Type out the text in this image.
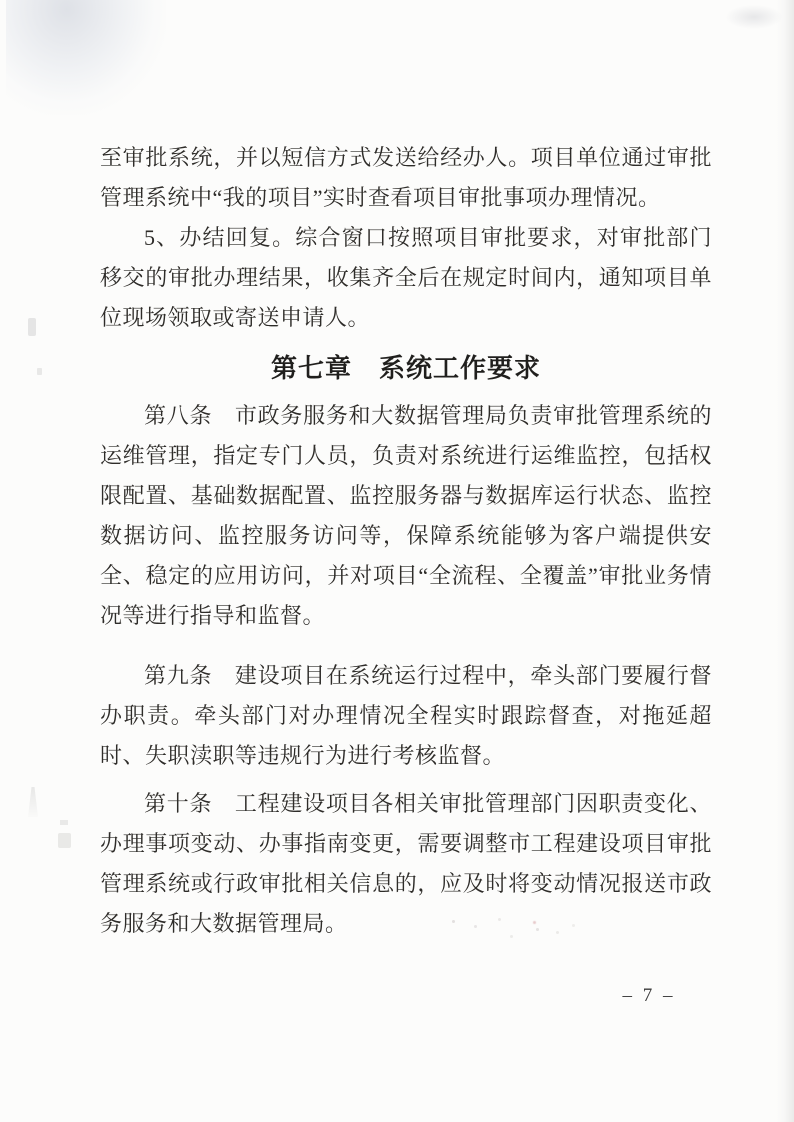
至审批系统，并以短信方式发送给经办人。项目单位通过审批管理系统中“我的项目”实时查看项目审批事项办理情况。

5、办结回复。综合窗口按照项目审批要求，对审批部门移交的审批办理结果，收集齐全后在规定时间内，通知项目单位现场领取或寄送申请人。

第七章　系统工作要求

第八条　市政务服务和大数据管理局负责审批管理系统的运维管理，指定专门人员，负责对系统进行运维监控，包括权限配置、基础数据配置、监控服务器与数据库运行状态、监控数据访问、监控服务访问等，保障系统能够为客户端提供安全、稳定的应用访问，并对项目“全流程、全覆盖”审批业务情况等进行指导和监督。

第九条　建设项目在系统运行过程中，牵头部门要履行督办职责。牵头部门对办理情况全程实时跟踪督查，对拖延超时、失职渎职等违规行为进行考核监督。

第十条　工程建设项目各相关审批管理部门因职责变化、办理事项变动、办事指南变更，需要调整市工程建设项目审批管理系统或行政审批相关信息的，应及时将变动情况报送市政务服务和大数据管理局。

– 7 –
